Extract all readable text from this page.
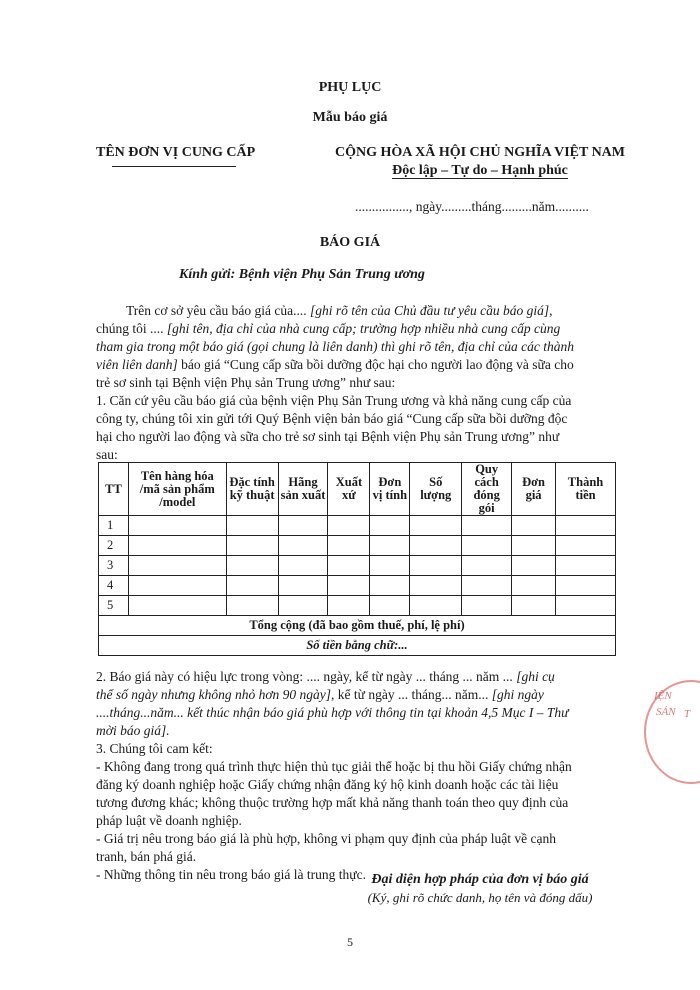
PHỤ LỤC
Mẫu báo giá
TÊN ĐƠN VỊ CUNG CẤP	CỘNG HÒA XÃ HỘI CHỦ NGHĨA VIỆT NAM
Độc lập – Tự do – Hạnh phúc
................, ngày.........tháng.........năm..........
BÁO GIÁ
Kính gửi: Bệnh viện Phụ Sản Trung ương
Trên cơ sở yêu cầu báo giá của.... [ghi rõ tên của Chủ đầu tư yêu cầu báo giá],
chúng tôi .... [ghi tên, địa chỉ của nhà cung cấp; trường hợp nhiều nhà cung cấp cùng
tham gia trong một báo giá (gọi chung là liên danh) thì ghi rõ tên, địa chỉ của các thành
viên liên danh] báo giá “Cung cấp sữa bồi dưỡng độc hại cho người lao động và sữa cho
trẻ sơ sinh tại Bệnh viện Phụ sản Trung ương” như sau:
1. Căn cứ yêu cầu báo giá của bệnh viện Phụ Sản Trung ương và khả năng cung cấp của
công ty, chúng tôi xin gửi tới Quý Bệnh viện bản báo giá “Cung cấp sữa bồi dưỡng độc
hại cho người lao động và sữa cho trẻ sơ sinh tại Bệnh viện Phụ sản Trung ương” như
sau:
TT	Tên hàng hóa /mã sản phẩm /model	Đặc tính kỹ thuật	Hãng sản xuất	Xuất xứ	Đơn vị tính	Số lượng	Quy cách đóng gói	Đơn giá	Thành tiền
1									
2									
3									
4									
5									
Tổng cộng (đã bao gồm thuế, phí, lệ phí)									
Số tiền bằng chữ:...									
2. Báo giá này có hiệu lực trong vòng: .... ngày, kể từ ngày ... tháng ... năm ... [ghi cụ
thể số ngày nhưng không nhỏ hơn 90 ngày], kể từ ngày ... tháng... năm... [ghi ngày
....tháng...năm... kết thúc nhận báo giá phù hợp với thông tin tại khoản 4,5 Mục I – Thư
mời báo giá].
3. Chúng tôi cam kết:
- Không đang trong quá trình thực hiện thủ tục giải thể hoặc bị thu hồi Giấy chứng nhận
đăng ký doanh nghiệp hoặc Giấy chứng nhận đăng ký hộ kinh doanh hoặc các tài liệu
tương đương khác; không thuộc trường hợp mất khả năng thanh toán theo quy định của
pháp luật về doanh nghiệp.
- Giá trị nêu trong báo giá là phù hợp, không vi phạm quy định của pháp luật về cạnh
tranh, bán phá giá.
- Những thông tin nêu trong báo giá là trung thực. Đại diện hợp pháp của đơn vị báo giá
(Ký, ghi rõ chức danh, họ tên và đóng dấu)
5
IỆN
SẢN T
